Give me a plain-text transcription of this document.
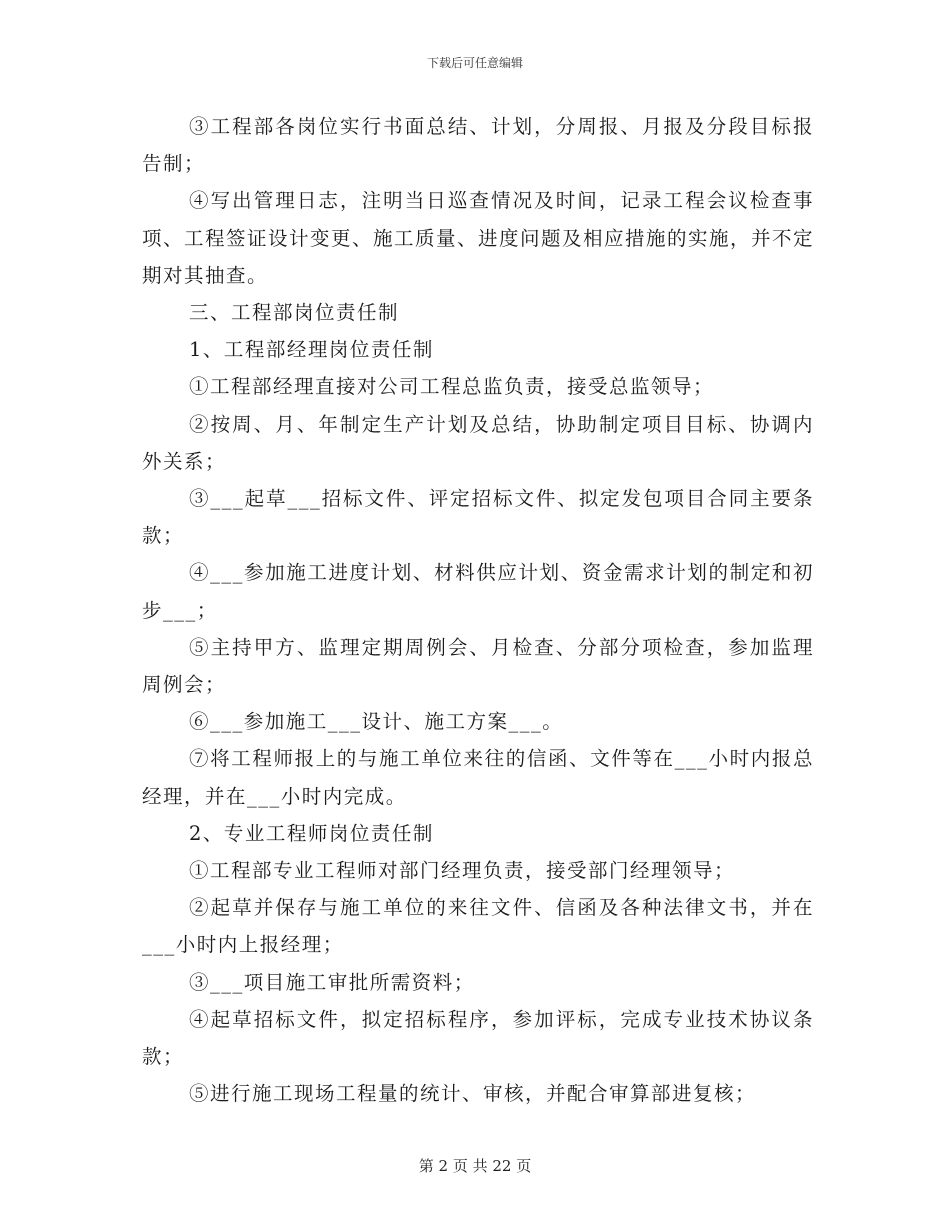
下载后可任意编辑

③工程部各岗位实行书面总结、计划，分周报、月报及分段目标报告制；

④写出管理日志，注明当日巡查情况及时间，记录工程会议检查事项、工程签证设计变更、施工质量、进度问题及相应措施的实施，并不定期对其抽查。

三、工程部岗位责任制

1、工程部经理岗位责任制

①工程部经理直接对公司工程总监负责，接受总监领导；

②按周、月、年制定生产计划及总结，协助制定项目目标、协调内外关系；

③___起草___招标文件、评定招标文件、拟定发包项目合同主要条款；

④___参加施工进度计划、材料供应计划、资金需求计划的制定和初步___；

⑤主持甲方、监理定期周例会、月检查、分部分项检查，参加监理周例会；

⑥___参加施工___设计、施工方案___。

⑦将工程师报上的与施工单位来往的信函、文件等在___小时内报总经理，并在___小时内完成。

2、专业工程师岗位责任制

①工程部专业工程师对部门经理负责，接受部门经理领导；

②起草并保存与施工单位的来往文件、信函及各种法律文书，并在___小时内上报经理；

③___项目施工审批所需资料；

④起草招标文件，拟定招标程序，参加评标，完成专业技术协议条款；

⑤进行施工现场工程量的统计、审核，并配合审算部进复核；

第 2 页 共 22 页
